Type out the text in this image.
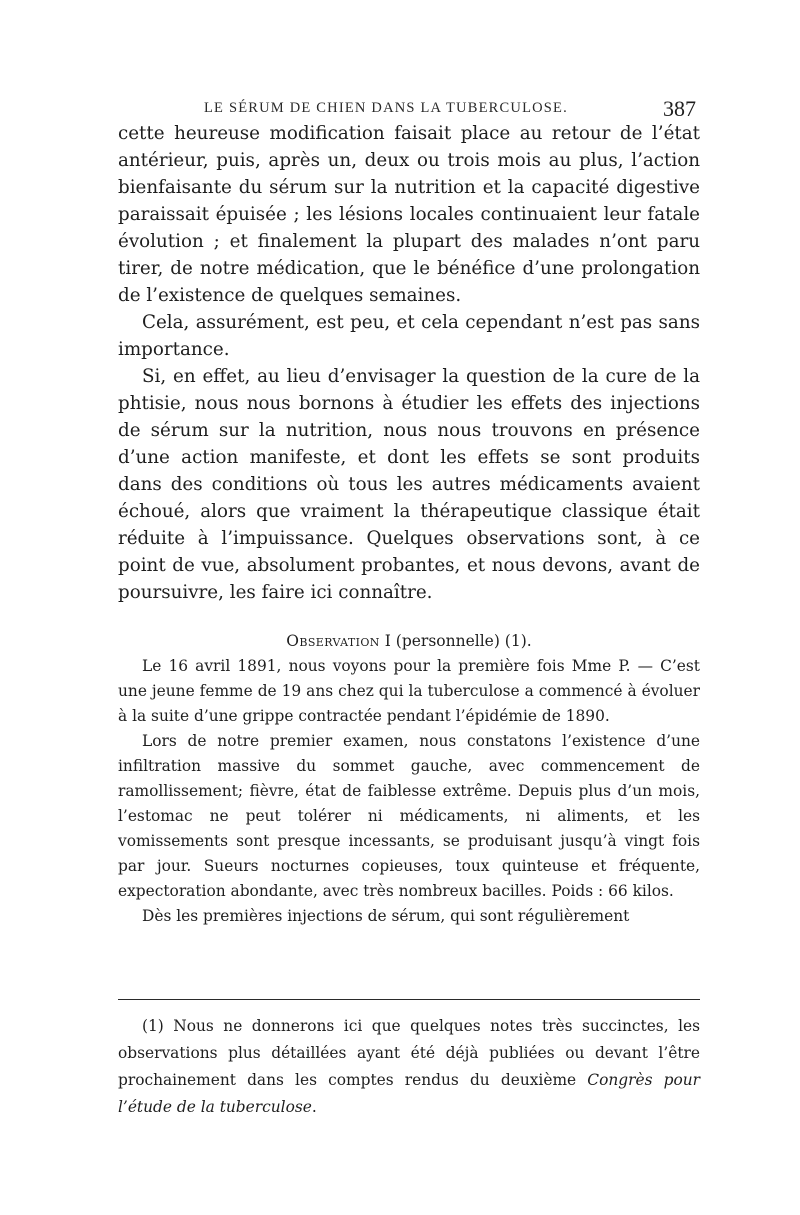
LE SÉRUM DE CHIEN DANS LA TUBERCULOSE.	387

cette heureuse modification faisait place au retour de l’état antérieur, puis, après un, deux ou trois mois au plus, l’action bienfaisante du sérum sur la nutrition et la capacité digestive paraissait épuisée ; les lésions locales continuaient leur fatale évolution ; et finalement la plupart des malades n’ont paru tirer, de notre médication, que le bénéfice d’une prolongation de l’existence de quelques semaines.

Cela, assurément, est peu, et cela cependant n’est pas sans importance.

Si, en effet, au lieu d’envisager la question de la cure de la phtisie, nous nous bornons à étudier les effets des injections de sérum sur la nutrition, nous nous trouvons en présence d’une action manifeste, et dont les effets se sont produits dans des conditions où tous les autres médicaments avaient échoué, alors que vraiment la thérapeutique classique était réduite à l’impuissance. Quelques observations sont, à ce point de vue, absolument probantes, et nous devons, avant de poursuivre, les faire ici connaître.

Observation I (personnelle) (1).

Le 16 avril 1891, nous voyons pour la première fois Mme P. — C’est une jeune femme de 19 ans chez qui la tuberculose a commencé à évoluer à la suite d’une grippe contractée pendant l’épidémie de 1890.

Lors de notre premier examen, nous constatons l’existence d’une infiltration massive du sommet gauche, avec commencement de ramollissement; fièvre, état de faiblesse extrême. Depuis plus d’un mois, l’estomac ne peut tolérer ni médicaments, ni aliments, et les vomissements sont presque incessants, se produisant jusqu’à vingt fois par jour. Sueurs nocturnes copieuses, toux quinteuse et fréquente, expectoration abondante, avec très nombreux bacilles. Poids : 66 kilos.

Dès les premières injections de sérum, qui sont régulièrement

(1) Nous ne donnerons ici que quelques notes très succinctes, les observations plus détaillées ayant été déjà publiées ou devant l’être prochainement dans les comptes rendus du deuxième Congrès pour l’étude de la tuberculose.
